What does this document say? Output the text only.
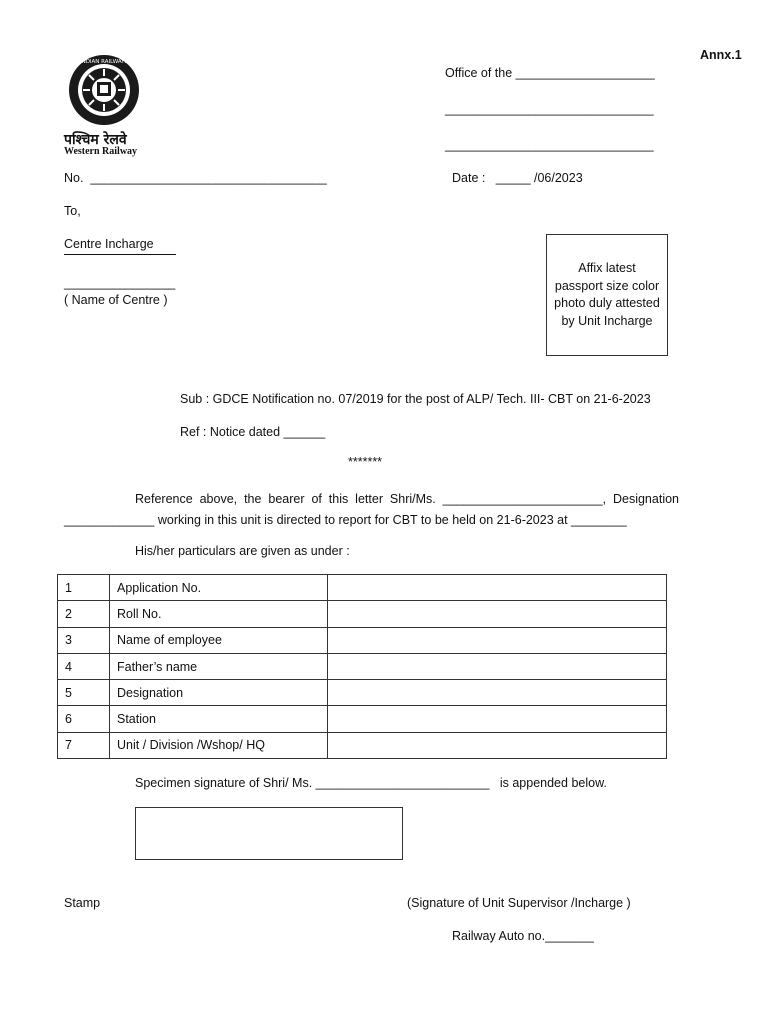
Annx.1
INDIAN RAILWAYS
पश्चिम रेलवे
Western Railway
Office of the ____________________
______________________________
______________________________
No.  __________________________________	Date :   _____ /06/2023
To,
Centre Incharge
________________
( Name of Centre )
Affix latest passport size color photo duly attested by Unit Incharge
Sub : GDCE Notification no. 07/2019 for the post of ALP/ Tech. III- CBT on 21-6-2023
Ref : Notice dated ______
*******
Reference above, the bearer of this letter Shri/Ms. _______________________, Designation
_____________ working in this unit is directed to report for CBT to be held on 21-6-2023 at ________
His/her particulars are given as under :
1	Application No.	
2	Roll No.	
3	Name of employee	
4	Father’s name	
5	Designation	
6	Station	
7	Unit / Division /Wshop/ HQ	
Specimen signature of Shri/ Ms. _________________________   is appended below.
Stamp	(Signature of Unit Supervisor /Incharge )
Railway Auto no._______
